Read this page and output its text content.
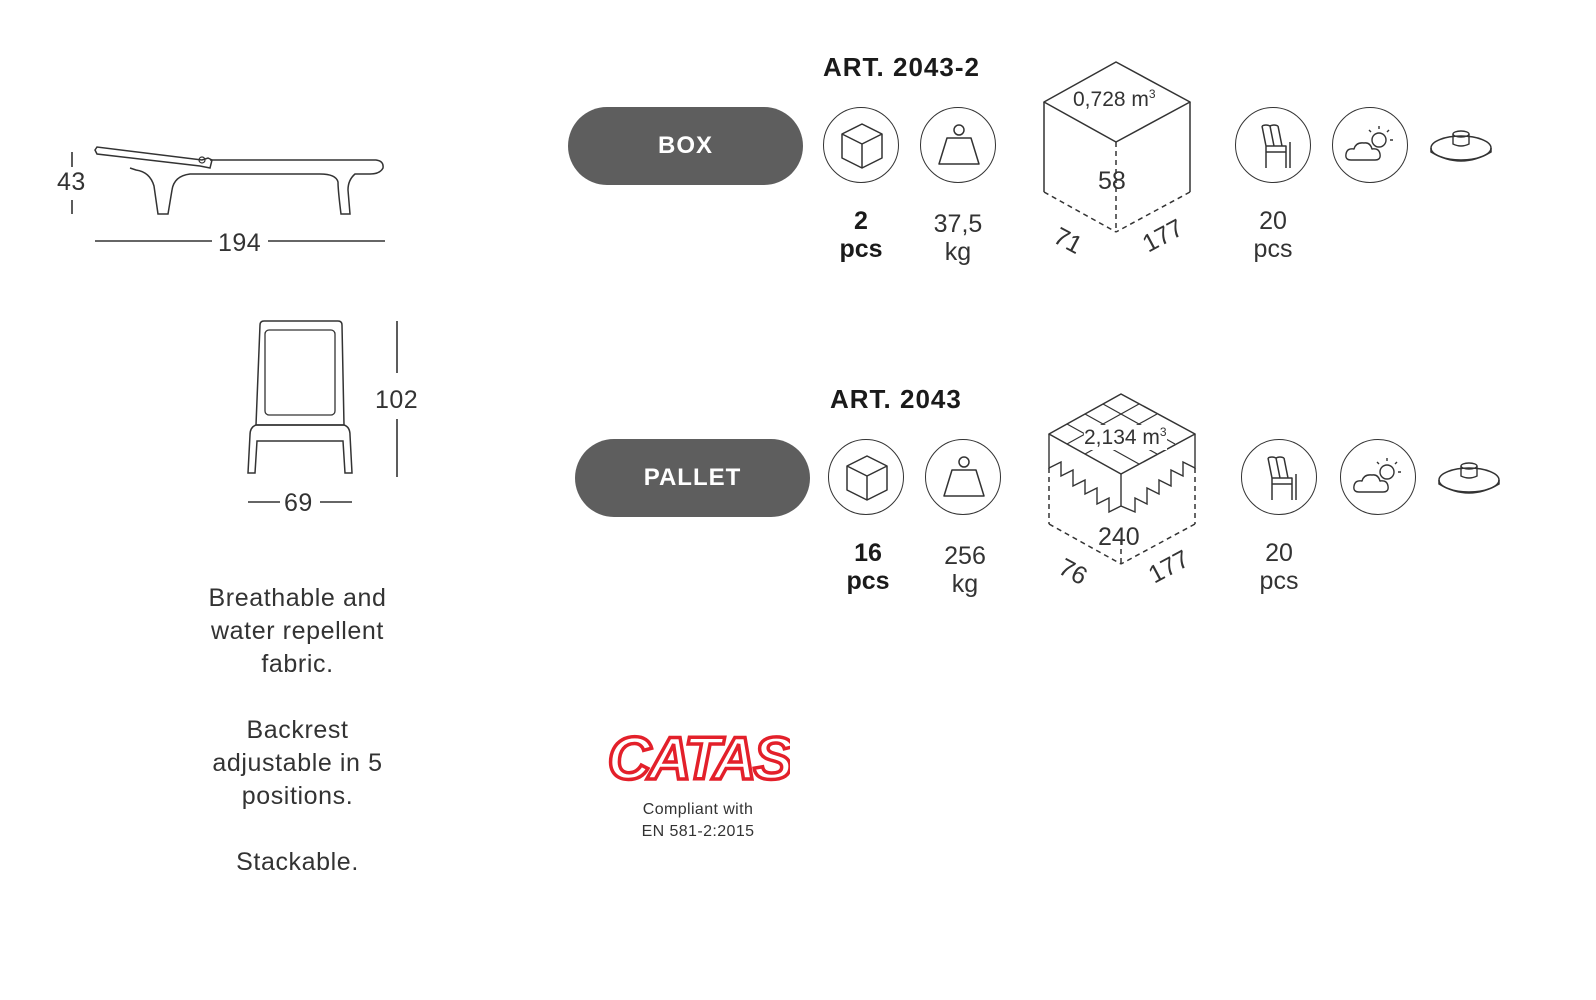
43
194
102
69
Breathable and
water repellent
fabric.
Backrest
adjustable in 5
positions.
Stackable.
ART. 2043-2
BOX
2
pcs
37,5
kg
0,728 $m^3$
58
71 177	20
pcs
ART. 2043
PALLET
16
pcs
256
kg
2,134 $m^3$
240
76 177	20
pcs
CATAS
Compliant with
EN 581-2:2015
